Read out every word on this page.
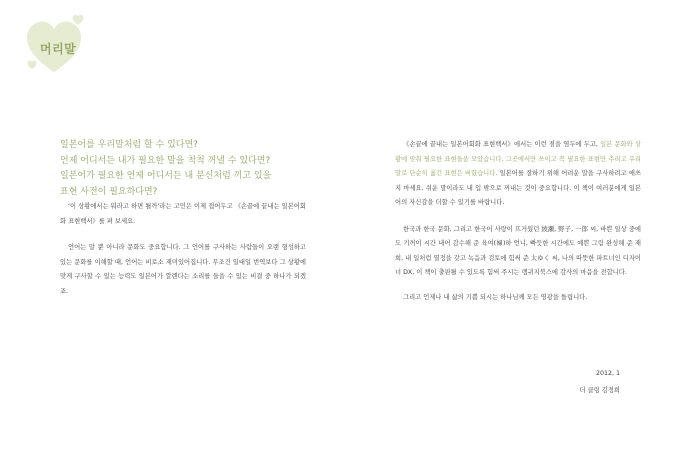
머리말
일본어를 우리말처럼 할 수 있다면?
언제 어디서든 내가 필요한 말을 척척 꺼낼 수 있다면?
일본어가 필요한 언제 어디서든 내 분신처럼 끼고 있을
표현 사전이 필요하다면?

‘이 상황에서는 뭐라고 하면 될까’라는 고민은 이제 접어두고 《손끝에 끝내는 일본어회화 표현백서》를 펴 보세요.

언어는 말 뿐 아니라 문화도 중요합니다. 그 언어를 구사하는 사람들이 오랜 형성하고 있는 문화를 이해할 때, 언어는 비로소 재미있어집니다. 무조건 일대일 번역보다 그 상황에 맞게 구사할 수 있는 능력도 일본어가 깔렌다는 소리를 들을 수 있는 비결 중 하나가 되겠죠.

《손끝에 끝내는 일본어회화 표현백서》에서는 이런 점을 염두에 두고, 일본 문화와 상황에 맞춰 필요한 표현들을 모았습니다. 그곳에서만 쓰이고 꼭 필요한 표현만 추리고 우리말로 단순히 옮긴 표현은 버렸습니다. 일본어를 잘하기 위해 어려운 말을 구사하려고 애쓰지 마세요. 쉬운 말이라도 내 입 밖으로 꺼내는 것이 중요합니다. 이 책이 여러분에게 일본어의 자신감을 더할 수 있기를 바랍니다.

한국과 한국 문화, 그리고 한국어 사랑이 뜨거웠던 綾瀬, 野子, 一郎 씨, 바쁜 일상 중에도 기꺼이 시간 내어 감수해 준 육여(婦)하 언니, 빠듯한 시간에도 예쁜 그림 완성해 준 재희, 내 일처럼 열정을 갖고 녹음과 검토에 힘써 준 太ゆく 씨, 나의 따뜻한 파트너인 디자이너 DX, 이 책이 출판될 수 있도록 힘써 주시는 랭귀지북스에 감사의 마음을 전합니다.

그리고 언제나 내 삶의 기쁨 되시는 하나님께 모든 영광을 돌립니다.

2012, 1
더 클링 김정희
